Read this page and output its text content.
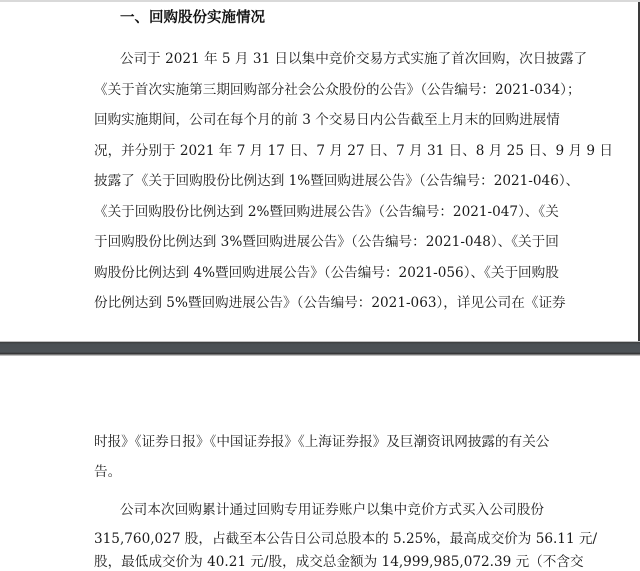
一、回购股份实施情况
公司于 2021 年 5 月 31 日以集中竞价交易方式实施了首次回购，次日披露了
《关于首次实施第三期回购部分社会公众股份的公告》（公告编号：2021-034）；
回购实施期间，公司在每个月的前 3 个交易日内公告截至上月末的回购进展情
况，并分别于 2021 年 7 月 17 日、7 月 27 日、7 月 31 日、8 月 25 日、9 月 9 日
披露了《关于回购股份比例达到 1%暨回购进展公告》（公告编号：2021-046）、
《关于回购股份比例达到 2%暨回购进展公告》（公告编号：2021-047）、《关
于回购股份比例达到 3%暨回购进展公告》（公告编号：2021-048）、《关于回
购股份比例达到 4%暨回购进展公告》（公告编号：2021-056）、《关于回购股
份比例达到 5%暨回购进展公告》（公告编号：2021-063），详见公司在《证券
时报》《证券日报》《中国证券报》《上海证券报》及巨潮资讯网披露的有关公
告。
公司本次回购累计通过回购专用证券账户以集中竞价方式买入公司股份
315,760,027 股，占截至本公告日公司总股本的 5.25%，最高成交价为 56.11 元/
股，最低成交价为 40.21 元/股，成交总金额为 14,999,985,072.39 元（不含交
